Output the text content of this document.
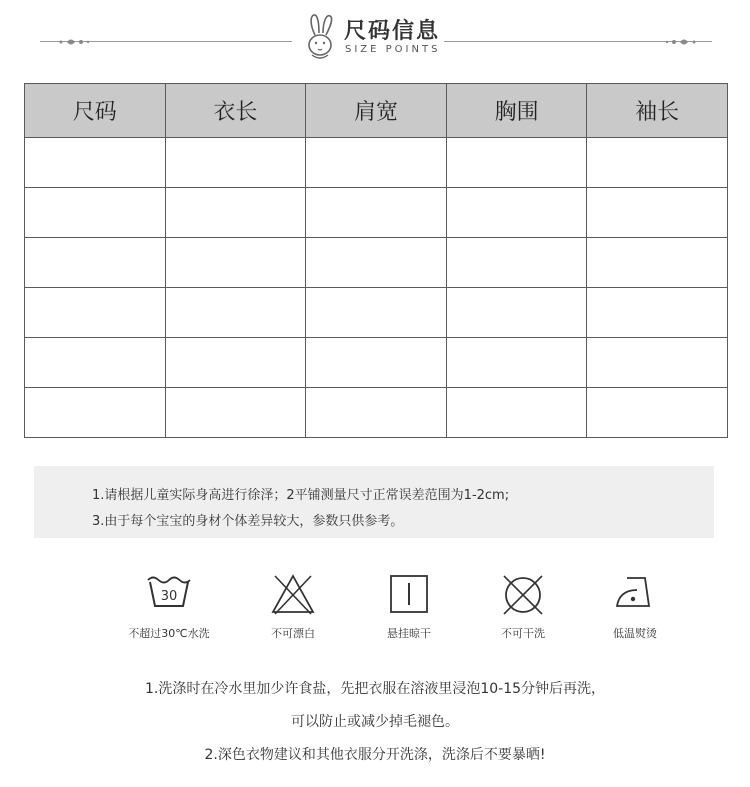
尺码信息
SIZE POINTS
尺码	衣长	肩宽	胸围	袖长

1.请根据儿童实际身高进行徐泽；2平铺测量尺寸正常误差范围为1-2cm;
3.由于每个宝宝的身材个体差异较大，参数只供参考。
30
不超过30℃水洗	不可漂白	悬挂晾干	不可干洗	低温熨烫
1.洗涤时在冷水里加少许食盐，先把衣服在溶液里浸泡10-15分钟后再洗，
可以防止或减少掉毛褪色。
2.深色衣物建议和其他衣服分开洗涤，洗涤后不要暴晒!
